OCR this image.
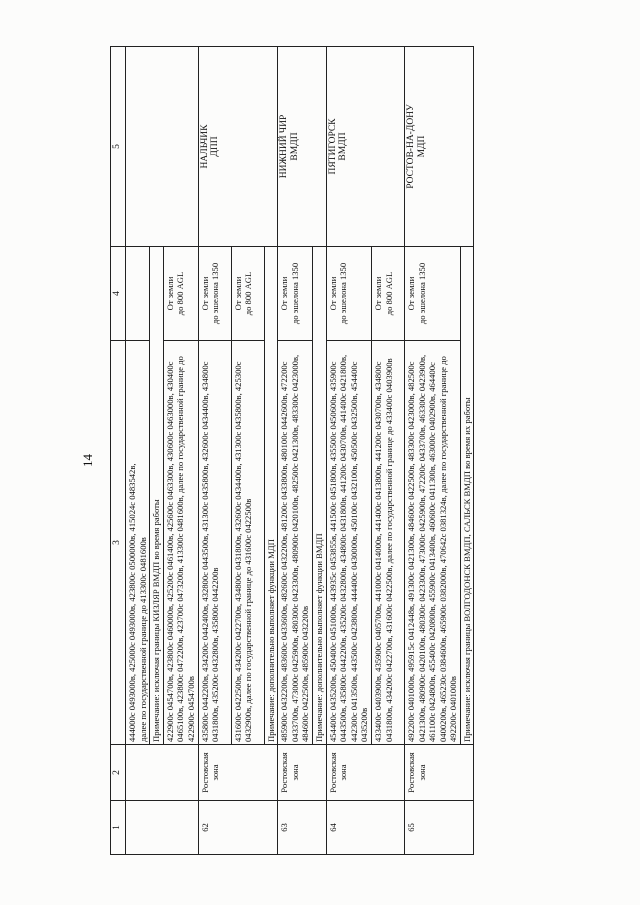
14
1	2	3	4	5

		444000с 0493000в, 425000с 0493000в, 423800с 0500000в, 415024с 0483542в, далее по государственной границе до 413300с 0481600в		

		Примечание: исключая границы КИЗЛЯР ВМДП во время работы		
		422900с 0454700в, 423800с 0460000в, 425200с 0461400в, 425600с 0463300в, 430600с 0463000в, 430400с 0465100в, 423800с 0472200в, 423700с 0473200в, 413300с 0481600в, далее по государственной границе до 422900с 0454700в	От земли до 800 AGL	

62	Ростовская зона	435800с 0442200в, 434200с 0442400в, 432800с 0443500в, 431300с 0435800в, 432600с 0434400в, 434800с 0431800в, 435200с 0432800в, 435800с 0442200в	От земли до эшелона 1350	НАЛЬЧИК ДПП

		431600с 0422500в, 434200с 0422700в, 434800с 0431800в, 432600с 0434400в, 431300с 0435800в, 425300с 0432900в, далее по государственной границе до 431600с 0422500в	От земли до 800 AGL	

		Примечание: дополнительно выполняет функции МДП		
63	Ростовская зона	485900с 0432200в, 483600с 0433600в, 482600с 0432200в, 481200с 0433800в, 480100с 0442600в, 472200с 0433700в, 473000с 0425900в, 480300с 0423300в, 480900с 0420100в, 482500с 0421300в, 483300с 0423000в, 484600с 0422500в, 485900с 0432200в	От земли до эшелона 1350	НИЖНИЙ ЧИР ВМДП

		Примечание: дополнительно выполняет функции ВМДП		
64	Ростовская зона	454400с 0435200в, 450400с 0451000в, 443935с 0453855в, 441500с 0451800в, 435500с 0450600в, 435900с 0443500в, 435800с 0442200в, 435200с 0432800в, 434800с 0431800в, 441200с 0430700в, 441400с 0421800в, 442300с 0413500в, 443500с 0423800в, 444400с 0430000в, 450100с 0432100в, 450500с 0432500в, 454400с 0435200в	От земли до эшелона 1350	ПЯТИГОРСК ВМДП

		433400с 0403900в, 435900с 0405700в, 441000с 0414000в, 441400с 0413800в, 441200с 0430700в, 434800с 0431800в, 434200с 0422700в, 431600с 0422500в, далее по государственной границе до 433400с 0403900в	От земли до 800 AGL	

65	Ростовская зона	492200с 0401000в, 495915с 0412448в, 491300с 0421300в, 484600с 0422500в, 483300с 0423000в, 482500с 0421300в, 480900с 0420100в, 480300с 0423300в, 473000с 0425900в, 472200с 0433700в, 463300с 0423900в, 461100с 0424800в, 455400с 0420800в, 455900с 0413400в, 460600с 0411300в, 463000с 0402900в, 464400с 0400200в, 465230с 0384600в, 465900с 0382000в, 470642с 0381324в, далее по государственной границе до 492200с 0401000в	От земли до эшелона 1350	РОСТОВ-НА-ДОНУ МДП

		Примечание: исключая границы ВОЛГОДОНСК ВМДП, САЛЬСК ВМДП во время их работы		
